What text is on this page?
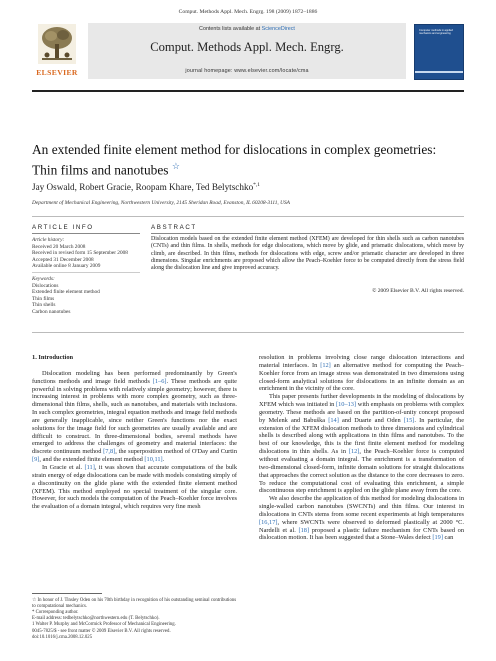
Comput. Methods Appl. Mech. Engrg. 198 (2009) 1872–1886
ELSEVIER
Contents lists available at ScienceDirect
Comput. Methods Appl. Mech. Engrg.
journal homepage: www.elsevier.com/locate/cma
Computer methods in applied mechanics and engineering
An extended finite element method for dislocations in complex geometries: Thin films and nanotubes ☆
Jay Oswald, Robert Gracie, Roopam Khare, Ted Belytschko$^{*,1}$
Department of Mechanical Engineering, Northwestern University, 2145 Sheridan Road, Evanston, IL 60208-3111, USA
ARTICLE INFO
Article history:
Received 20 March 2008
Received in revised form 15 September 2008
Accepted 31 December 2008
Available online 8 January 2009
Keywords:
Dislocations
Extended finite element method
Thin films
Thin shells
Carbon nanotubes
ABSTRACT
Dislocation models based on the extended finite element method (XFEM) are developed for thin shells such as carbon nanotubes (CNTs) and thin films. In shells, methods for edge dislocations, which move by glide, and prismatic dislocations, which move by climb, are described. In thin films, methods for dislocations with edge, screw and/or prismatic character are developed in three dimensions. Singular enrichments are proposed which allow the Peach–Koehler force to be computed directly from the stress field along the dislocation line and give improved accuracy.
© 2009 Elsevier B.V. All rights reserved.
1. Introduction

Dislocation modeling has been performed predominantly by Green's functions methods and image field methods [1–6]. These methods are quite powerful in solving problems with relatively simple geometry; however, there is increasing interest in problems with more complex geometry, such as three-dimensional thin films, shells, such as nanotubes, and materials with inclusions. In such complex geometries, integral equation methods and image field methods are generally inapplicable, since neither Green's functions nor the exact solutions for the image field for such geometries are usually available and are difficult to construct. In three-dimensional bodies, several methods have emerged to address the challenges of geometry and material interfaces: the discrete continuum method [7,8], the superposition method of O'Day and Curtin [9], and the extended finite element method [10,11].

In Gracie et al. [11], it was shown that accurate computations of the bulk strain energy of edge dislocations can be made with models consisting simply of a discontinuity on the glide plane with the extended finite element method (XFEM). This method employed no special treatment of the singular core. However, for such models the computation of the Peach–Koehler force involves the evaluation of a domain integral, which requires very fine mesh

resolution in problems involving close range dislocation interactions and material interfaces. In [12] an alternative method for computing the Peach–Koehler force from an image stress was demonstrated in two dimensions using closed-form analytical solutions for dislocations in an infinite domain as an enrichment in the vicinity of the core.

This paper presents further developments in the modeling of dislocations by XFEM which was initiated in [10–13] with emphasis on problems with complex geometry. These methods are based on the partition-of-unity concept proposed by Melenk and Babuška [14] and Duarte and Oden [15]. In particular, the extension of the XFEM dislocation methods to three dimensions and cylindrical shells is described along with applications in thin films and nanotubes. To the best of our knowledge, this is the first finite element method for modeling dislocations in thin shells. As in [12], the Peach–Koehler force is computed without evaluating a domain integral. The enrichment is a transformation of two-dimensional closed-form, infinite domain solutions for straight dislocations that approaches the correct solution as the distance to the core decreases to zero. To reduce the computational cost of evaluating this enrichment, a simple discontinuous step enrichment is applied on the glide plane away from the core.

We also describe the application of this method for modeling dislocations in single-walled carbon nanotubes (SWCNTs) and thin films. Our interest in dislocations in CNTs stems from some recent experiments at high temperatures [16,17], where SWCNTs were observed to deformed plastically at 2000 °C. Nardelli et al. [18] proposed a plastic failure mechanism for CNTs based on dislocation motion. It has been suggested that a Stone–Wales defect [19] can

☆ In honor of J. Tinsley Oden on his 70th birthday in recognition of his outstanding seminal contributions to computational mechanics.
* Corresponding author.
E-mail address: tedbelytschko@northwestern.edu (T. Belytschko).
1 Walter P. Murphy and McCormick Professor of Mechanical Engineering.
0045-7825/$ - see front matter © 2009 Elsevier B.V. All rights reserved.
doi:10.1016/j.cma.2008.12.025
